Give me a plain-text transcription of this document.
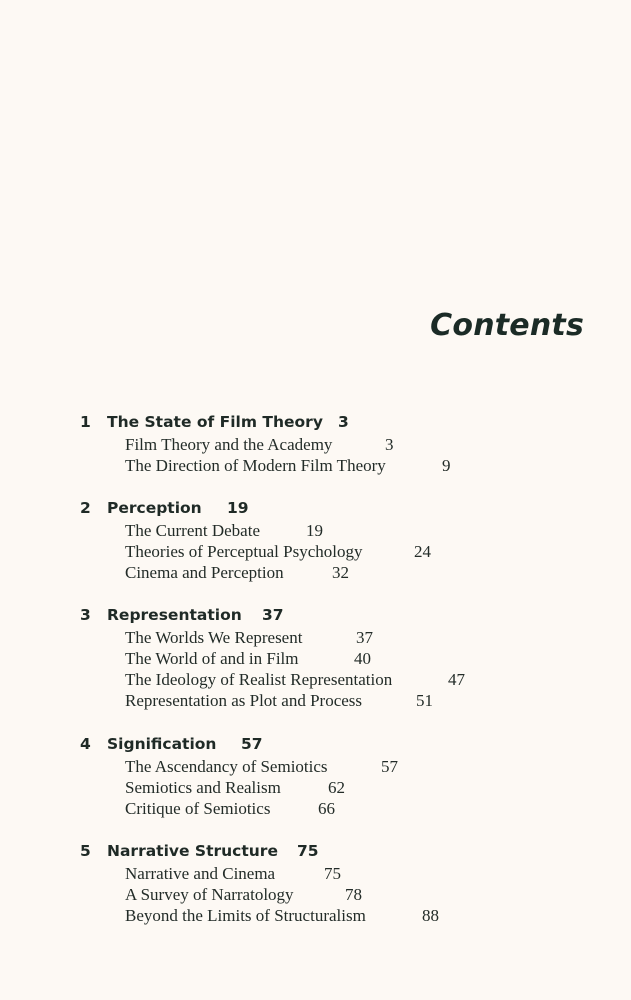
Contents
1 The State of Film Theory 3
Film Theory and the Academy	3
The Direction of Modern Film Theory	9
2 Perception 19
The Current Debate	19
Theories of Perceptual Psychology	24
Cinema and Perception	32
3 Representation 37
The Worlds We Represent	37
The World of and in Film	40
The Ideology of Realist Representation	47
Representation as Plot and Process	51
4 Signification 57
The Ascendancy of Semiotics	57
Semiotics and Realism	62
Critique of Semiotics	66
5 Narrative Structure 75
Narrative and Cinema	75
A Survey of Narratology	78
Beyond the Limits of Structuralism	88
